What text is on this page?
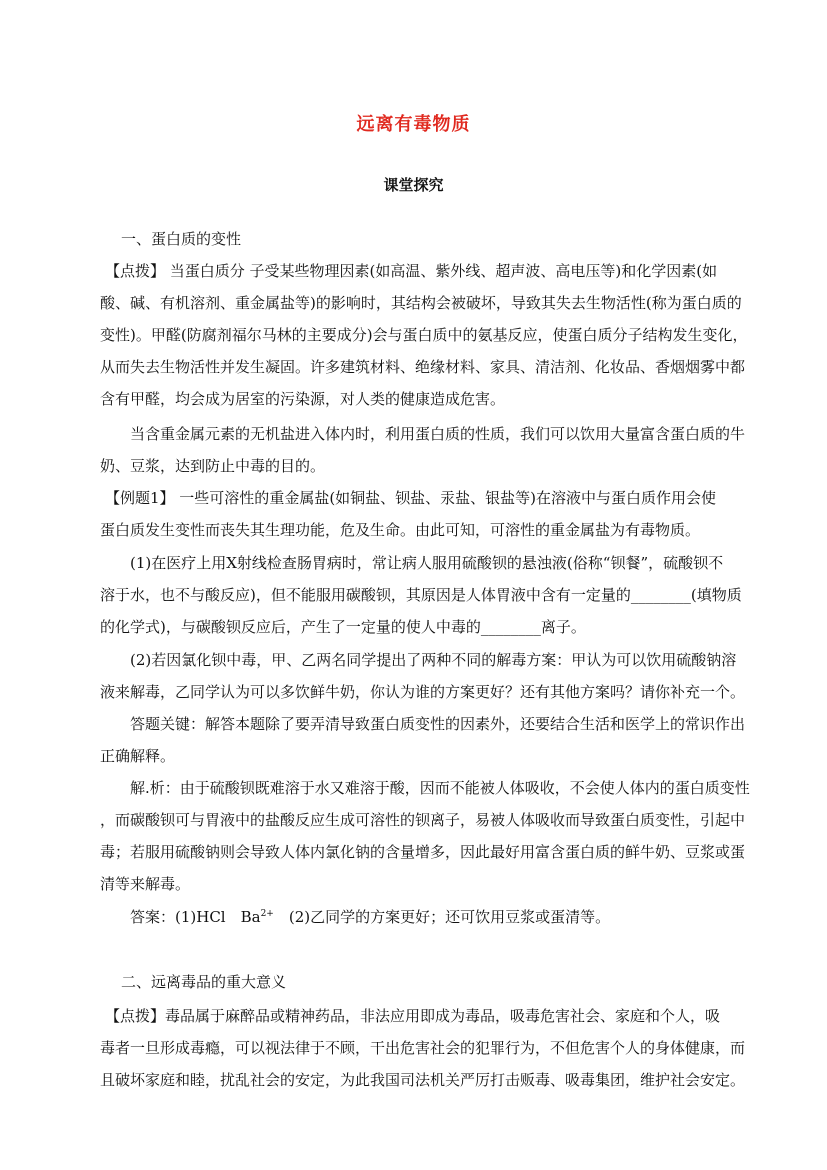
远离有毒物质
课堂探究
一、蛋白质的变性
【点拨】 当蛋白质分 子受某些物理因素(如高温、紫外线、超声波、高电压等)和化学因素(如
酸、碱、有机溶剂、重金属盐等)的影响时，其结构会被破坏，导致其失去生物活性(称为蛋白质的
变性)。甲醛(防腐剂福尔马林的主要成分)会与蛋白质中的氨基反应，使蛋白质分子结构发生变化，
从而失去生物活性并发生凝固。许多建筑材料、绝缘材料、家具、清洁剂、化妆品、香烟烟雾中都
含有甲醛，均会成为居室的污染源，对人类的健康造成危害。
当含重金属元素的无机盐进入体内时，利用蛋白质的性质，我们可以饮用大量富含蛋白质的牛
奶、豆浆，达到防止中毒的目的。
【例题1】 一些可溶性的重金属盐(如铜盐、钡盐、汞盐、银盐等)在溶液中与蛋白质作用会使
蛋白质发生变性而丧失其生理功能，危及生命。由此可知，可溶性的重金属盐为有毒物质。
(1)在医疗上用X射线检查肠胃病时，常让病人服用硫酸钡的悬浊液(俗称“钡餐”，硫酸钡不
溶于水，也不与酸反应)，但不能服用碳酸钡，其原因是人体胃液中含有一定量的________(填物质
的化学式)，与碳酸钡反应后，产生了一定量的使人中毒的________离子。
(2)若因氯化钡中毒，甲、乙两名同学提出了两种不同的解毒方案：甲认为可以饮用硫酸钠溶
液来解毒，乙同学认为可以多饮鲜牛奶，你认为谁的方案更好？还有其他方案吗？请你补充一个。
答题关键：解答本题除了要弄清导致蛋白质变性的因素外，还要结合生活和医学上的常识作出
正确解释。
解.析：由于硫酸钡既难溶于水又难溶于酸，因而不能被人体吸收，不会使人体内的蛋白质变性
，而碳酸钡可与胃液中的盐酸反应生成可溶性的钡离子，易被人体吸收而导致蛋白质变性，引起中
毒；若服用硫酸钠则会导致人体内氯化钠的含量增多，因此最好用富含蛋白质的鲜牛奶、豆浆或蛋
清等来解毒。
答案：(1)HCl　$Ba^{2+}$　(2)乙同学的方案更好；还可饮用豆浆或蛋清等。
二、远离毒品的重大意义
【点拨】毒品属于麻醉品或精神药品，非法应用即成为毒品，吸毒危害社会、家庭和个人，吸
毒者一旦形成毒瘾，可以视法律于不顾，干出危害社会的犯罪行为，不但危害个人的身体健康，而
且破坏家庭和睦，扰乱社会的安定，为此我国司法机关严厉打击贩毒、吸毒集团，维护社会安定。
